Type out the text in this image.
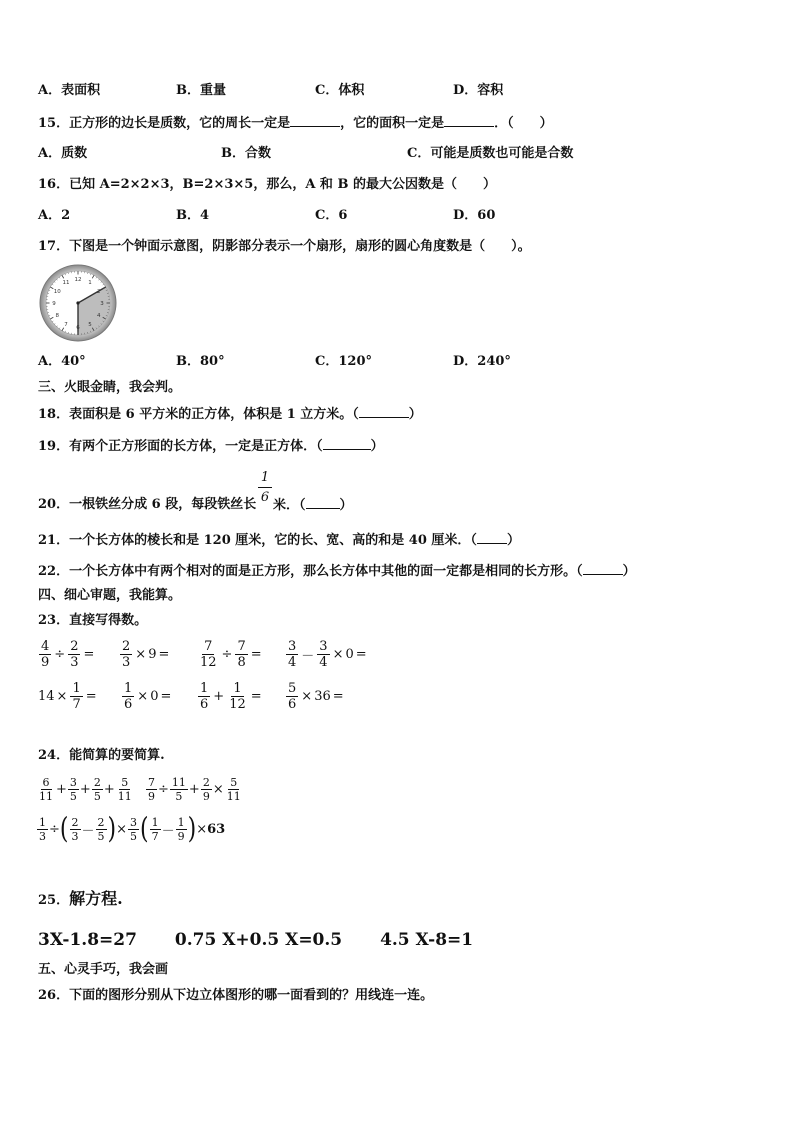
A．表面积	B．重量	C．体积	D．容积
15．正方形的边长是质数，它的周长一定是	，它的面积一定是	．（　　）
A．质数	B．合数	C．可能是质数也可能是合数
16．已知 A=2×2×3，B=2×3×5，那么，A 和 B 的最大公因数是（　　）
A．2	B．4	C．6	D．60
17．下图是一个钟面示意图，阴影部分表示一个扇形，扇形的圆心角度数是（　　）。
12
1
2
3
4
5
6
7
8
9
10
11
A．40°	B．80°	C．120°	D．240°
三、火眼金睛，我会判。
18．表面积是 6 平方米的正方体，体积是 1 立方米。（	）
19．有两个正方形面的长方体，一定是正方体．（	）
20．一根铁丝分成 6 段，每段铁丝长
$\frac{1}{6}$
米．（	）
21．一个长方体的棱长和是 120 厘米，它的长、宽、高的和是 40 厘米．（ ）
22．一个长方体中有两个相对的面是正方形，那么长方体中其他的面一定都是相同的长方形。（	）
四、细心审题，我能算。
23．直接写得数。
$\frac{4}{9} \div \frac{2}{3} = \frac{2}{3} \times 9 = \frac{7}{12} \div \frac{7}{8} = \frac{3}{4} - \frac{3}{4} \times 0$ =
$14 \times \frac{1}{7} = \frac{1}{6} \times 0 = \frac{1}{6} + \frac{1}{12} = \frac{5}{6} \times 36$ =
24．能简算的要简算.
$\frac{6}{11} + \frac{3}{5} + \frac{2}{5} + \frac{5}{11} \frac{7}{9} \div \frac{11}{5} + \frac{2}{9} \times \frac{5}{11}$
$\frac{1}{3}$ ÷ ( $\frac{2}{3} - \frac{2}{5}$ ) × $\frac{3}{5}$ ( $\frac{1}{7} - \frac{1}{9}$ ) × 63
25．解方程.
3X-1.8=27 0.75 X+0.5 X=0.5 4.5 X-8=1
五、心灵手巧，我会画
26．下面的图形分别从下边立体图形的哪一面看到的？用线连一连。
